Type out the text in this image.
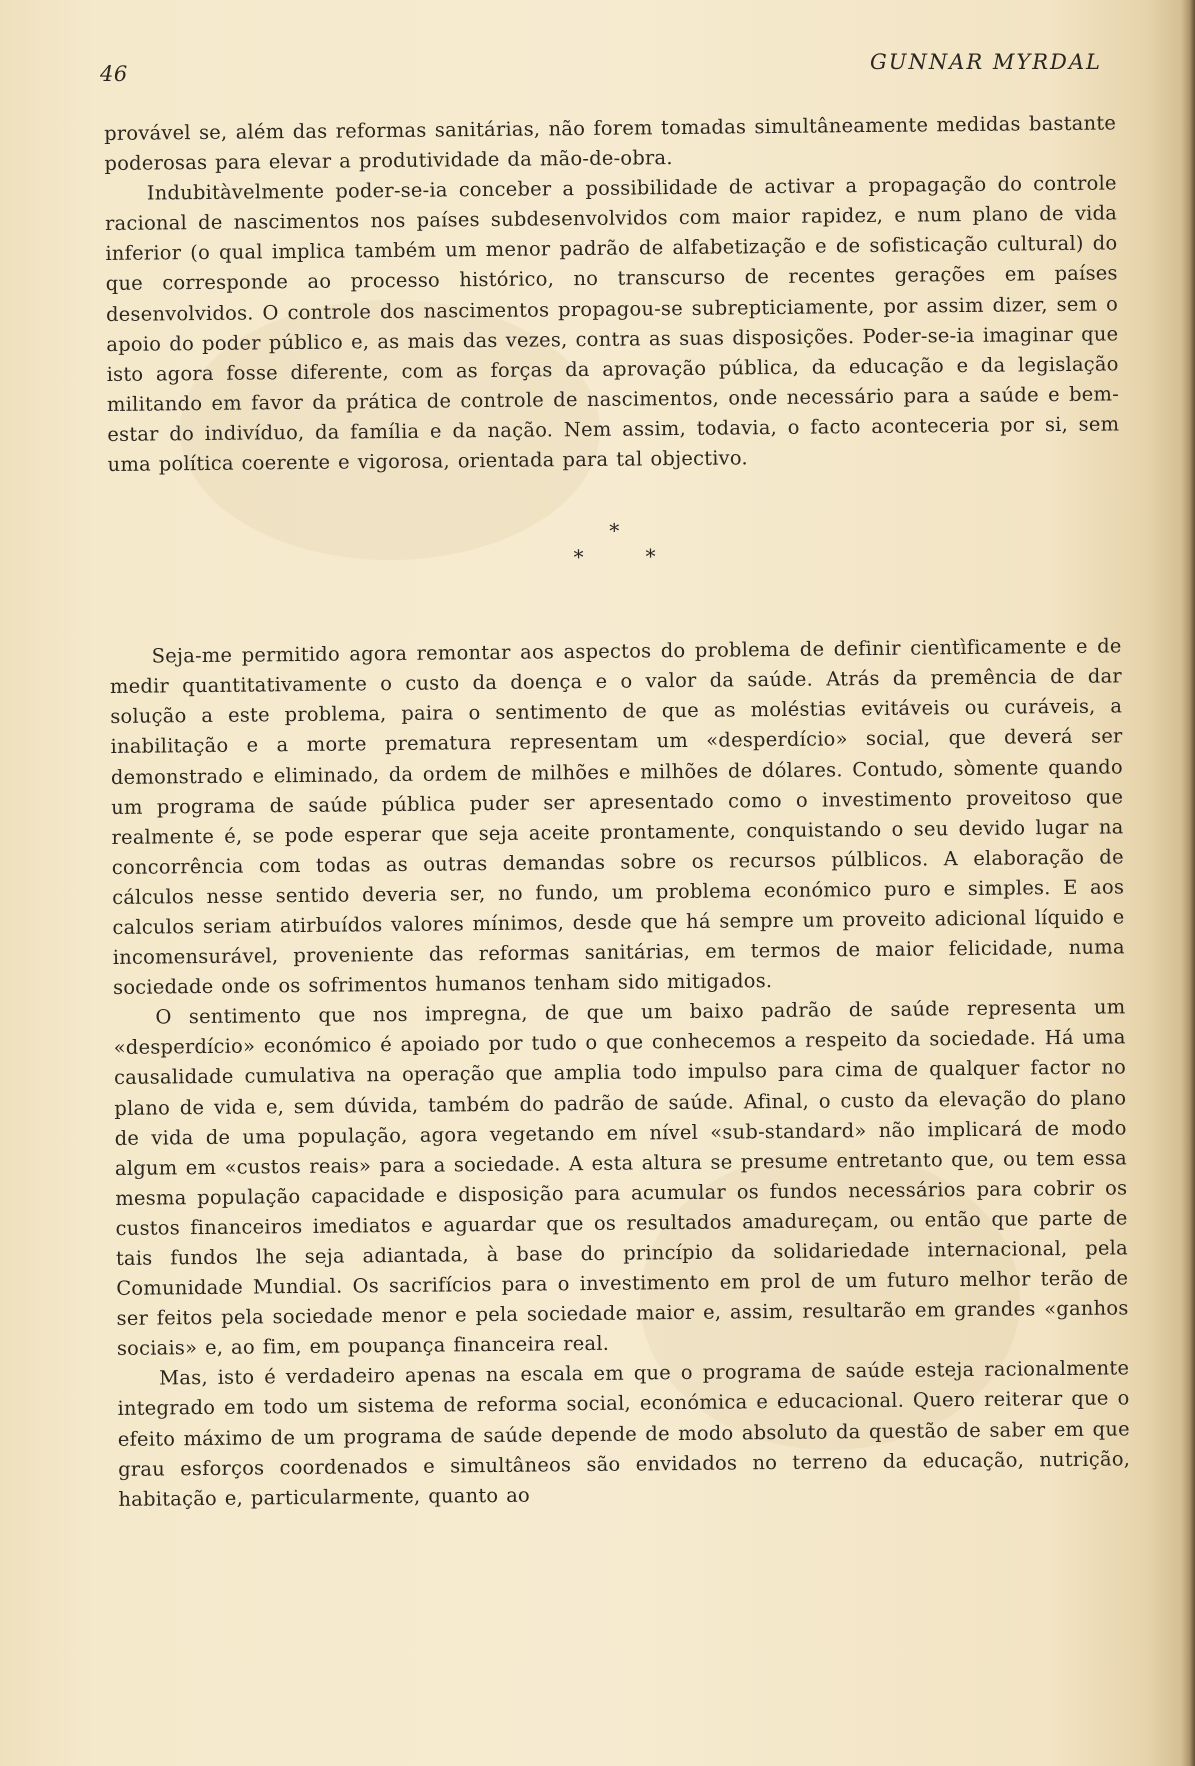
46	GUNNAR MYRDAL

provável se, além das reformas sanitárias, não forem tomadas simultâneamente medidas bastante poderosas para elevar a produtividade da mão-de-obra.

Indubitàvelmente poder-se-ia conceber a possibilidade de activar a propagação do controle racional de nascimentos nos países subdesenvolvidos com maior rapidez, e num plano de vida inferior (o qual implica também um menor padrão de alfabetização e de sofisticação cultural) do que corresponde ao processo histórico, no transcurso de recentes gerações em países desenvolvidos. O controle dos nascimentos propagou-se subrepticiamente, por assim dizer, sem o apoio do poder público e, as mais das vezes, contra as suas disposições. Poder-se-ia imaginar que isto agora fosse diferente, com as forças da aprovação pública, da educação e da legislação militando em favor da prática de controle de nascimentos, onde necessário para a saúde e bem-estar do indivíduo, da família e da nação. Nem assim, todavia, o facto aconteceria por si, sem uma política coerente e vigorosa, orientada para tal objectivo.

*
*	*

Seja-me permitido agora remontar aos aspectos do problema de definir cientìficamente e de medir quantitativamente o custo da doença e o valor da saúde. Atrás da premência de dar solução a este problema, paira o sentimento de que as moléstias evitáveis ou curáveis, a inabilitação e a morte prematura representam um «desperdício» social, que deverá ser demonstrado e eliminado, da ordem de milhões e milhões de dólares. Contudo, sòmente quando um programa de saúde pública puder ser apresentado como o investimento proveitoso que realmente é, se pode esperar que seja aceite prontamente, conquistando o seu devido lugar na concorrência com todas as outras demandas sobre os recursos púlblicos. A elaboração de cálculos nesse sentido deveria ser, no fundo, um problema económico puro e simples. E aos calculos seriam atirbuídos valores mínimos, desde que há sempre um proveito adicional líquido e incomensurável, proveniente das reformas sanitárias, em termos de maior felicidade, numa sociedade onde os sofrimentos humanos tenham sido mitigados.

O sentimento que nos impregna, de que um baixo padrão de saúde representa um «desperdício» económico é apoiado por tudo o que conhecemos a respeito da sociedade. Há uma causalidade cumulativa na operação que amplia todo impulso para cima de qualquer factor no plano de vida e, sem dúvida, também do padrão de saúde. Afinal, o custo da elevação do plano de vida de uma população, agora vegetando em nível «sub-standard» não implicará de modo algum em «custos reais» para a sociedade. A esta altura se presume entretanto que, ou tem essa mesma população capacidade e disposição para acumular os fundos necessários para cobrir os custos financeiros imediatos e aguardar que os resultados amadureçam, ou então que parte de tais fundos lhe seja adiantada, à base do princípio da solidariedade internacional, pela Comunidade Mundial. Os sacrifícios para o investimento em prol de um futuro melhor terão de ser feitos pela sociedade menor e pela sociedade maior e, assim, resultarão em grandes «ganhos sociais» e, ao fim, em poupança financeira real.

Mas, isto é verdadeiro apenas na escala em que o programa de saúde esteja racionalmente integrado em todo um sistema de reforma social, económica e educacional. Quero reiterar que o efeito máximo de um programa de saúde depende de modo absoluto da questão de saber em que grau esforços coordenados e simultâneos são envidados no terreno da educação, nutrição, habitação e, particularmente, quanto ao
